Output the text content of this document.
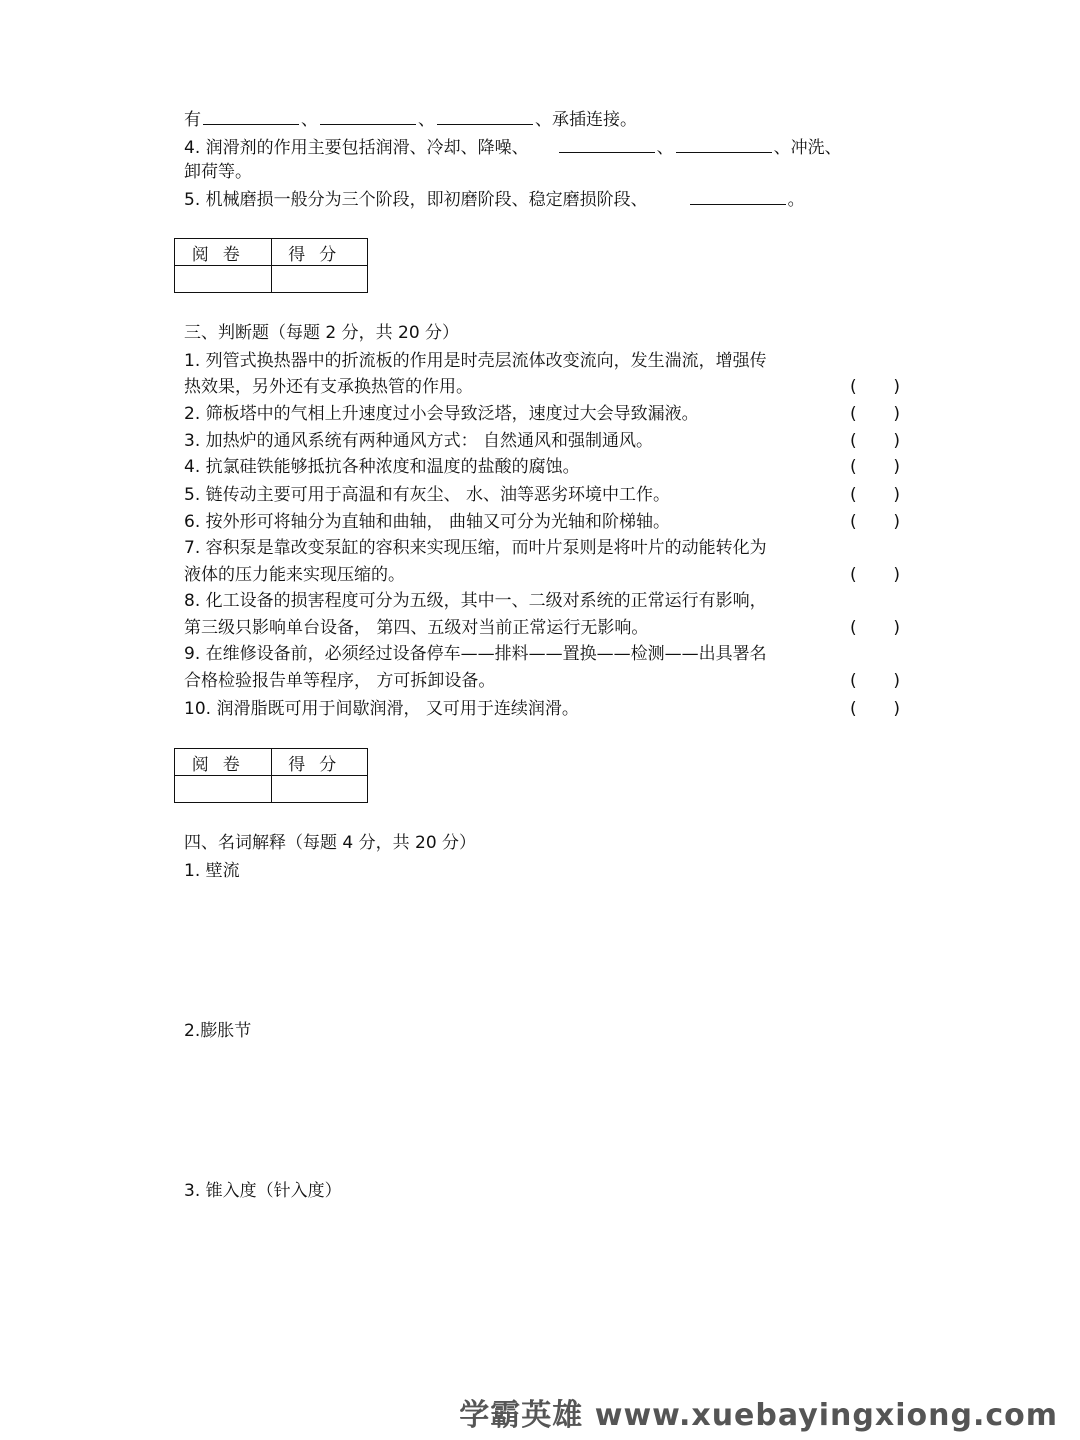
有	、	、	、承插连接。
4. 润滑剂的作用主要包括润滑、冷却、降噪、	、	、冲洗、
卸荷等。
5. 机械磨损一般分为三个阶段，即初磨阶段、稳定磨损阶段、	。
阅卷	得分

三、判断题（每题 2 分，共 20 分）
1. 列管式换热器中的折流板的作用是时壳层流体改变流向，发生湍流，增强传
热效果，另外还有支承换热管的作用。	( )
2. 筛板塔中的气相上升速度过小会导致泛塔，速度过大会导致漏液。	( )
3. 加热炉的通风系统有两种通风方式： 自然通风和强制通风。	( )
4. 抗氯硅铁能够抵抗各种浓度和温度的盐酸的腐蚀。	( )
5. 链传动主要可用于高温和有灰尘、 水、油等恶劣环境中工作。	( )
6. 按外形可将轴分为直轴和曲轴， 曲轴又可分为光轴和阶梯轴。	( )
7. 容积泵是靠改变泵缸的容积来实现压缩，而叶片泵则是将叶片的动能转化为
液体的压力能来实现压缩的。	( )
8. 化工设备的损害程度可分为五级，其中一、二级对系统的正常运行有影响，
第三级只影响单台设备， 第四、五级对当前正常运行无影响。	( )
9. 在维修设备前，必须经过设备停车——排料——置换——检测——出具署名
合格检验报告单等程序， 方可拆卸设备。	( )
10. 润滑脂既可用于间歇润滑， 又可用于连续润滑。	( )
阅卷	得分

四、名词解释（每题 4 分，共 20 分）
1. 壁流
2.膨胀节
3. 锥入度（针入度）
学霸英雄 www.xuebayingxiong.com
